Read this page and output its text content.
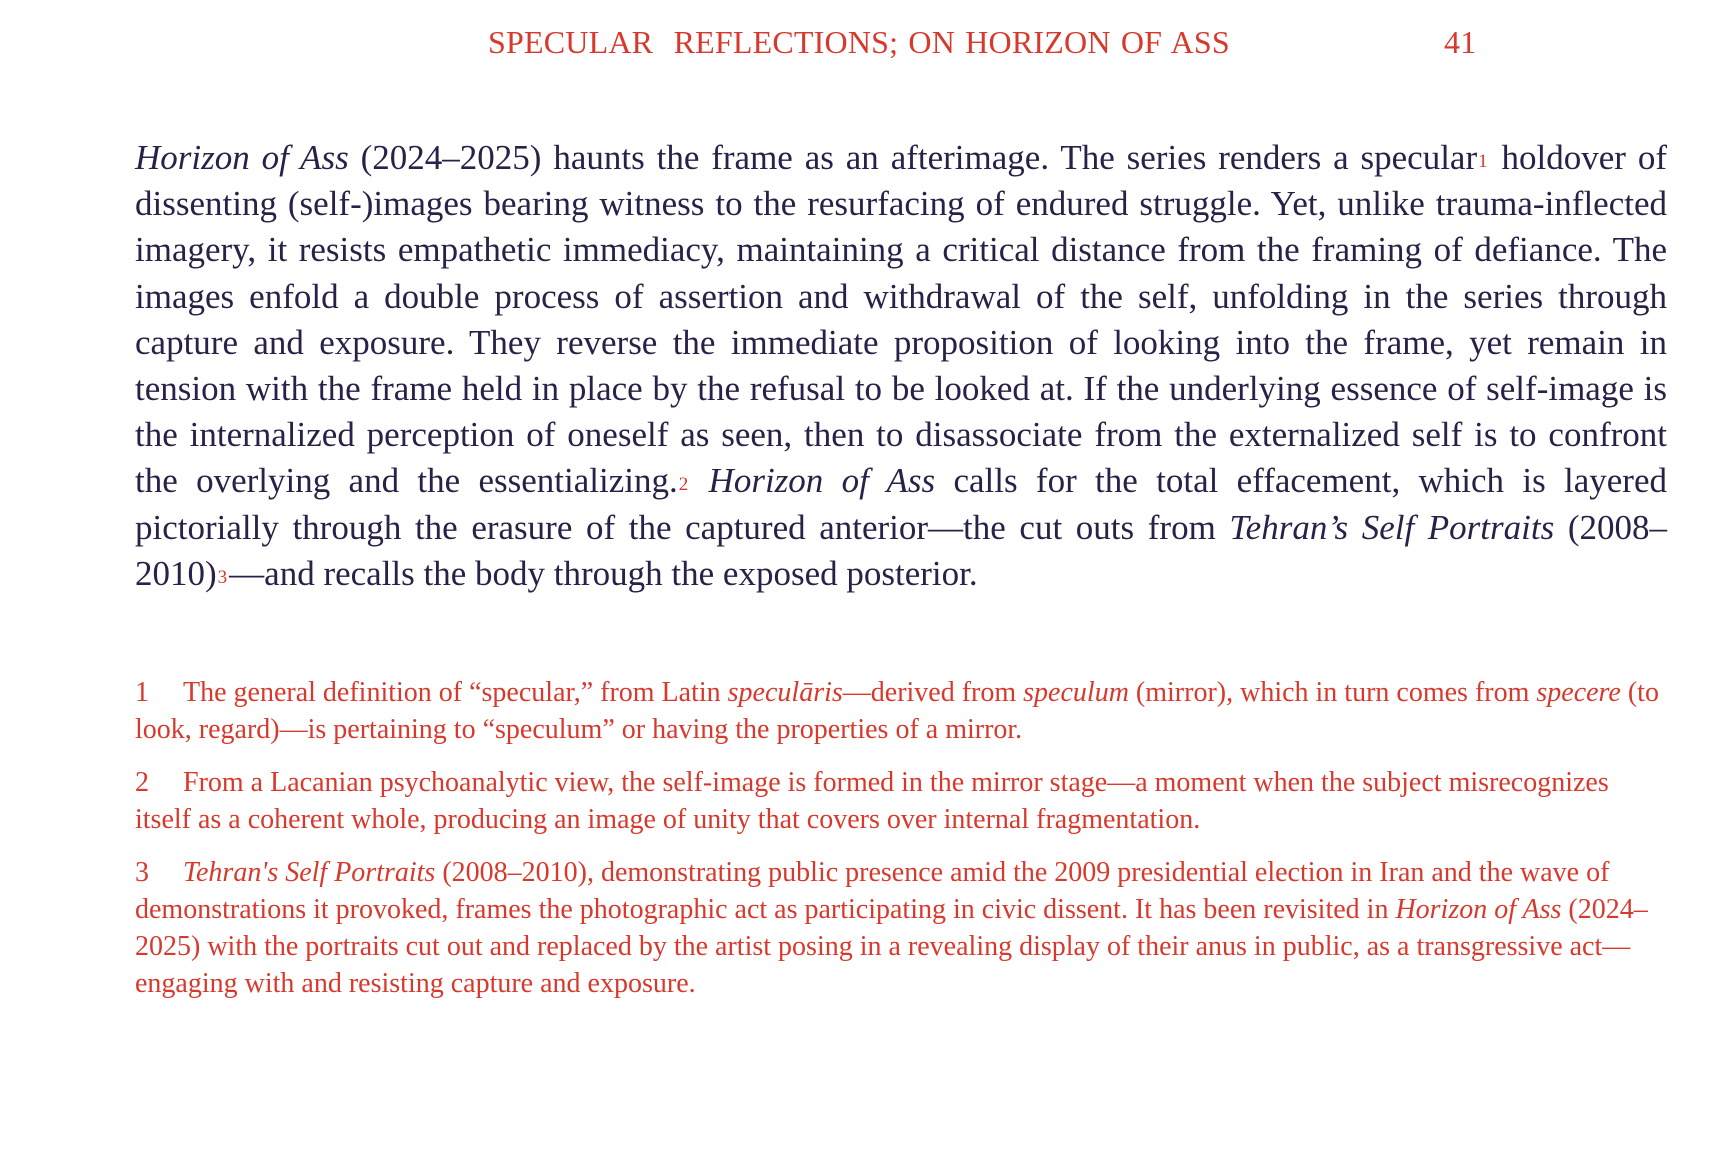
SPECULAR  REFLECTIONS; ON HORIZON OF ASS

	41

Horizon of Ass (2024–2025) haunts the frame as an afterimage. The series renders a specular$^1$ holdover of dissenting (self-)images bearing witness to the resurfacing of endured struggle. Yet, unlike trauma-inflected imagery, it resists empathetic immediacy, maintaining a critical distance from the framing of defiance. The images enfold a double process of assertion and withdrawal of the self, unfolding in the series through capture and exposure. They reverse the immediate proposition of looking into the frame, yet remain in tension with the frame held in place by the refusal to be looked at. If the underlying essence of self-image is the internalized perception of oneself as seen, then to disassociate from the externalized self is to confront the overlying and the essentializing.$^2$ Horizon of Ass calls for the total effacement, which is layered pictorially through the erasure of the captured anterior—the cut outs from Tehran’s Self Portraits (2008–2010)$^3$—and recalls the body through the exposed posterior.

1 The general definition of “specular,” from Latin speculāris—derived from speculum (mirror), which in turn comes from specere (to look, regard)—is pertaining to “speculum” or having the properties of a mirror.

2 From a Lacanian psychoanalytic view, the self-image is formed in the mirror stage—a moment when the subject misrecognizes itself as a coherent whole, producing an image of unity that covers over internal fragmentation.

3 Tehran's Self Portraits (2008–2010), demonstrating public presence amid the 2009 presidential election in Iran and the wave of demonstrations it provoked, frames the photographic act as participating in civic dissent. It has been revisited in Horizon of Ass (2024–2025) with the portraits cut out and replaced by the artist posing in a revealing display of their anus in public, as a transgressive act—engaging with and resisting capture and exposure.
